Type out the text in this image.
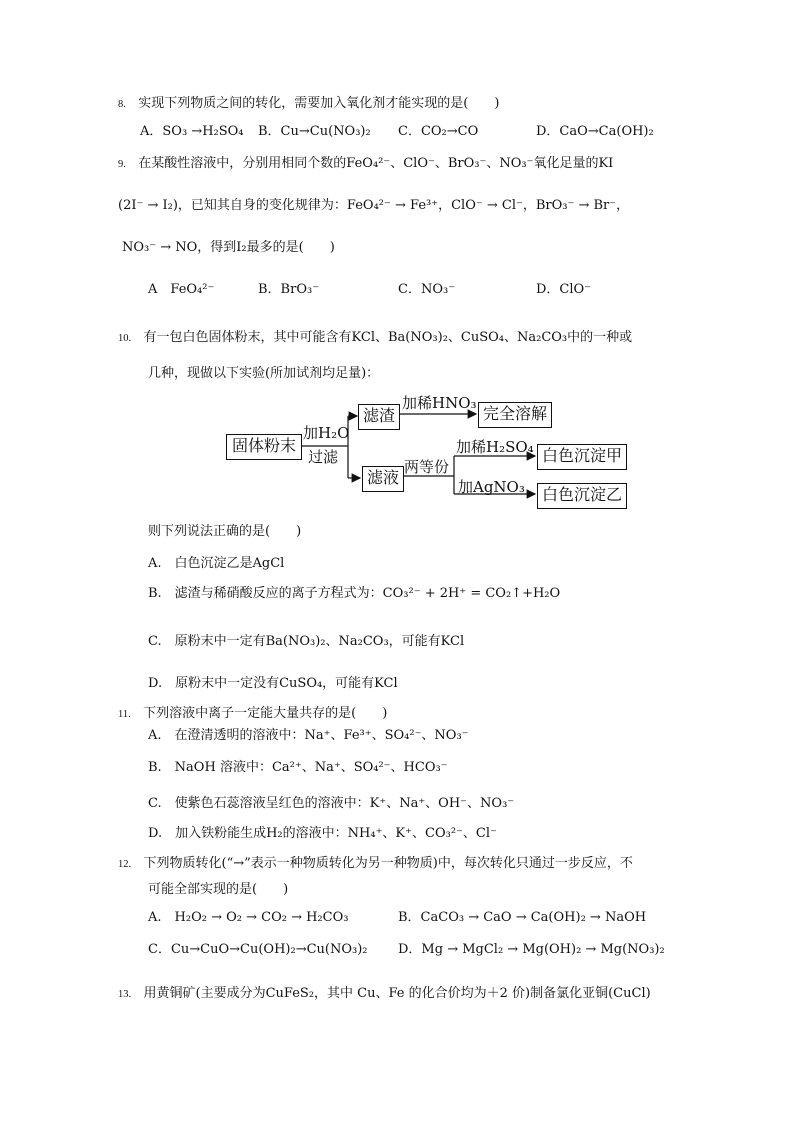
8. 实现下列物质之间的转化，需要加入氧化剂才能实现的是(　　)
A．SO₃ →H₂SO₄ B．Cu→Cu(NO₃)₂ C．CO₂→CO	D．CaO→Ca(OH)₂
9. 在某酸性溶液中，分别用相同个数的FeO₄²⁻、ClO⁻、BrO₃⁻、NO₃⁻氧化足量的KI
(2I⁻ → I₂)，已知其自身的变化规律为：FeO₄²⁻ → Fe³⁺，ClO⁻ → Cl⁻，BrO₃⁻ → Br⁻，
NO₃⁻ → NO，得到I₂最多的是(　　)
A　FeO₄²⁻	B．BrO₃⁻	C．NO₃⁻	D．ClO⁻
10. 有一包白色固体粉末，其中可能含有KCl、Ba(NO₃)₂、CuSO₄、Na₂CO₃中的一种或
几种，现做以下实验(所加试剂均足量)：
固体粉末
加H₂O
过滤
滤渣
加稀HNO₃
完全溶解
滤液
两等份
加稀H₂SO₄ 白色沉淀甲
加AgNO₃	白色沉淀乙
则下列说法正确的是(　　)
A.　白色沉淀乙是AgCl
B.　滤渣与稀硝酸反应的离子方程式为：CO₃²⁻ + 2H⁺ = CO₂↑+H₂O
C.　原粉末中一定有Ba(NO₃)₂、Na₂CO₃，可能有KCl
D.　原粉末中一定没有CuSO₄，可能有KCl
11. 下列溶液中离子一定能大量共存的是(　　)
A.　在澄清透明的溶液中：Na⁺、Fe³⁺、SO₄²⁻、NO₃⁻
B.　NaOH 溶液中：Ca²⁺、Na⁺、SO₄²⁻、HCO₃⁻
C.　使紫色石蕊溶液呈红色的溶液中：K⁺、Na⁺、OH⁻、NO₃⁻
D.　加入铁粉能生成H₂的溶液中：NH₄⁺、K⁺、CO₃²⁻、Cl⁻
12. 下列物质转化(“→”表示一种物质转化为另一种物质)中，每次转化只通过一步反应，不
可能全部实现的是(　　)
A.　H₂O₂ → O₂ → CO₂ → H₂CO₃	B．CaCO₃ → CaO → Ca(OH)₂ → NaOH
C．Cu→CuO→Cu(OH)₂→Cu(NO₃)₂ D．Mg → MgCl₂ → Mg(OH)₂ → Mg(NO₃)₂
13. 用黄铜矿(主要成分为CuFeS₂，其中 Cu、Fe 的化合价均为＋2 价)制备氯化亚铜(CuCl)
